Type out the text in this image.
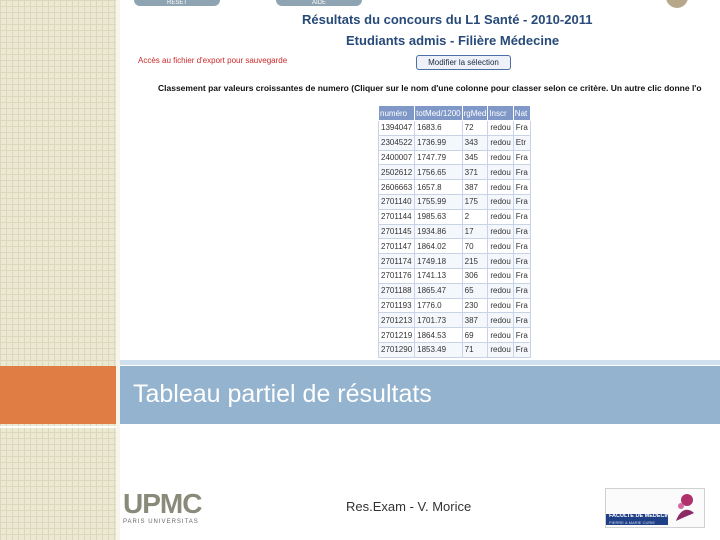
RESET	AIDE
Résultats du concours du L1 Santé - 2010-2011
Etudiants admis - Filière Médecine
Accès au fichier d'export pour sauvegarde	Modifier la sélection
Classement par valeurs croissantes de numero (Cliquer sur le nom d'une colonne pour classer selon ce critère. Un autre clic donne l'o
numéro	totMed/1200	rgMed	Inscr	Nat
1394047	1683.6	72	redou	Fra
2304522	1736.99	343	redou	Etr
2400007	1747.79	345	redou	Fra
2502612	1756.65	371	redou	Fra
2606663	1657.8	387	redou	Fra
2701140	1755.99	175	redou	Fra
2701144	1985.63	2	redou	Fra
2701145	1934.86	17	redou	Fra
2701147	1864.02	70	redou	Fra
2701174	1749.18	215	redou	Fra
2701176	1741.13	306	redou	Fra
2701188	1865.47	65	redou	Fra
2701193	1776.0	230	redou	Fra
2701213	1701.73	387	redou	Fra
2701219	1864.53	69	redou	Fra
2701290	1853.49	71	redou	Fra
Tableau partiel de résultats
UPMC
PARIS UNIVERSITAS
Res.Exam - V. Morice
FACULTÉ DE MÉDECINE
PIERRE & MARIE CURIE
